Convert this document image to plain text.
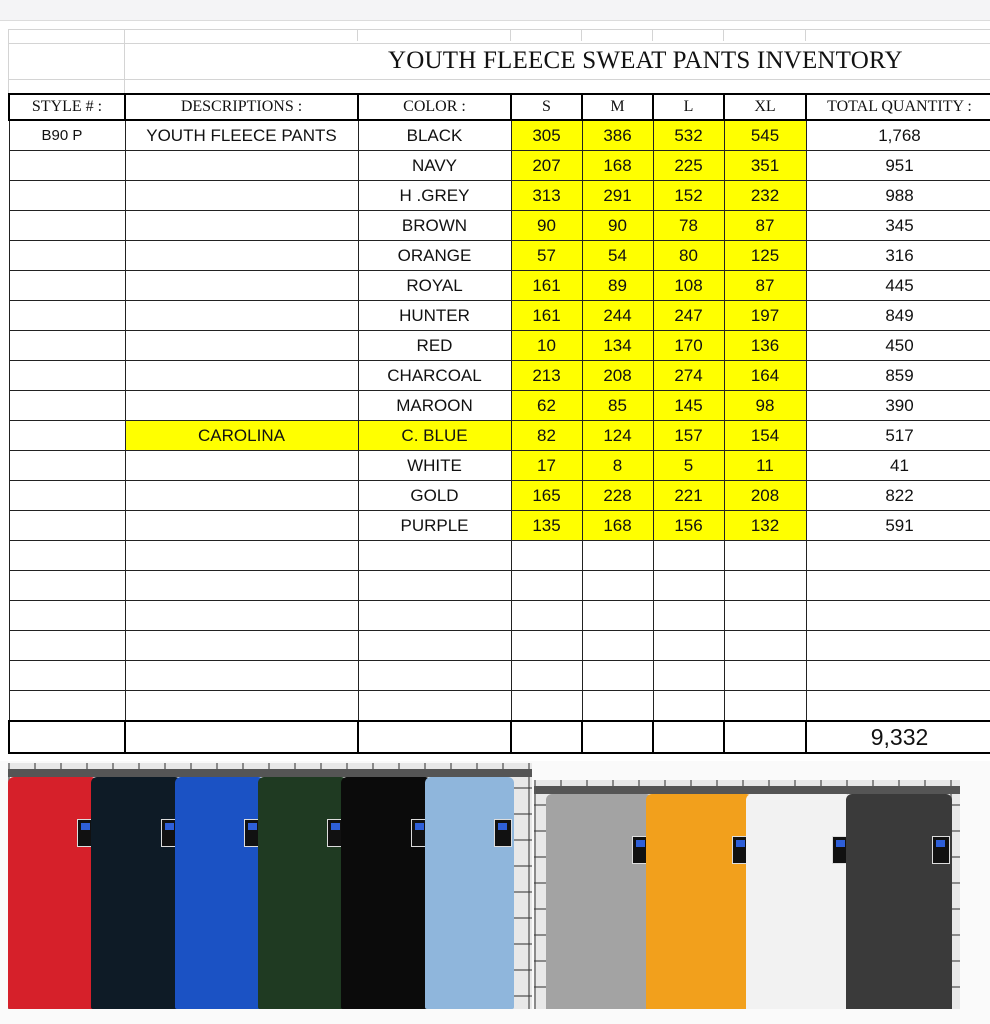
YOUTH FLEECE SWEAT PANTS INVENTORY
STYLE # :	DESCRIPTIONS :	COLOR :	S	M	L	XL	TOTAL QUANTITY :
B90 P	YOUTH FLEECE PANTS	BLACK	305	386	532	545	1,768
		NAVY	207	168	225	351	951
		H .GREY	313	291	152	232	988
		BROWN	90	90	78	87	345
		ORANGE	57	54	80	125	316
		ROYAL	161	89	108	87	445
		HUNTER	161	244	247	197	849
		RED	10	134	170	136	450
		CHARCOAL	213	208	274	164	859
		MAROON	62	85	145	98	390
	CAROLINA	C. BLUE	82	124	157	154	517
		WHITE	17	8	5	11	41
		GOLD	165	228	221	208	822
		PURPLE	135	168	156	132	591

							9,332
